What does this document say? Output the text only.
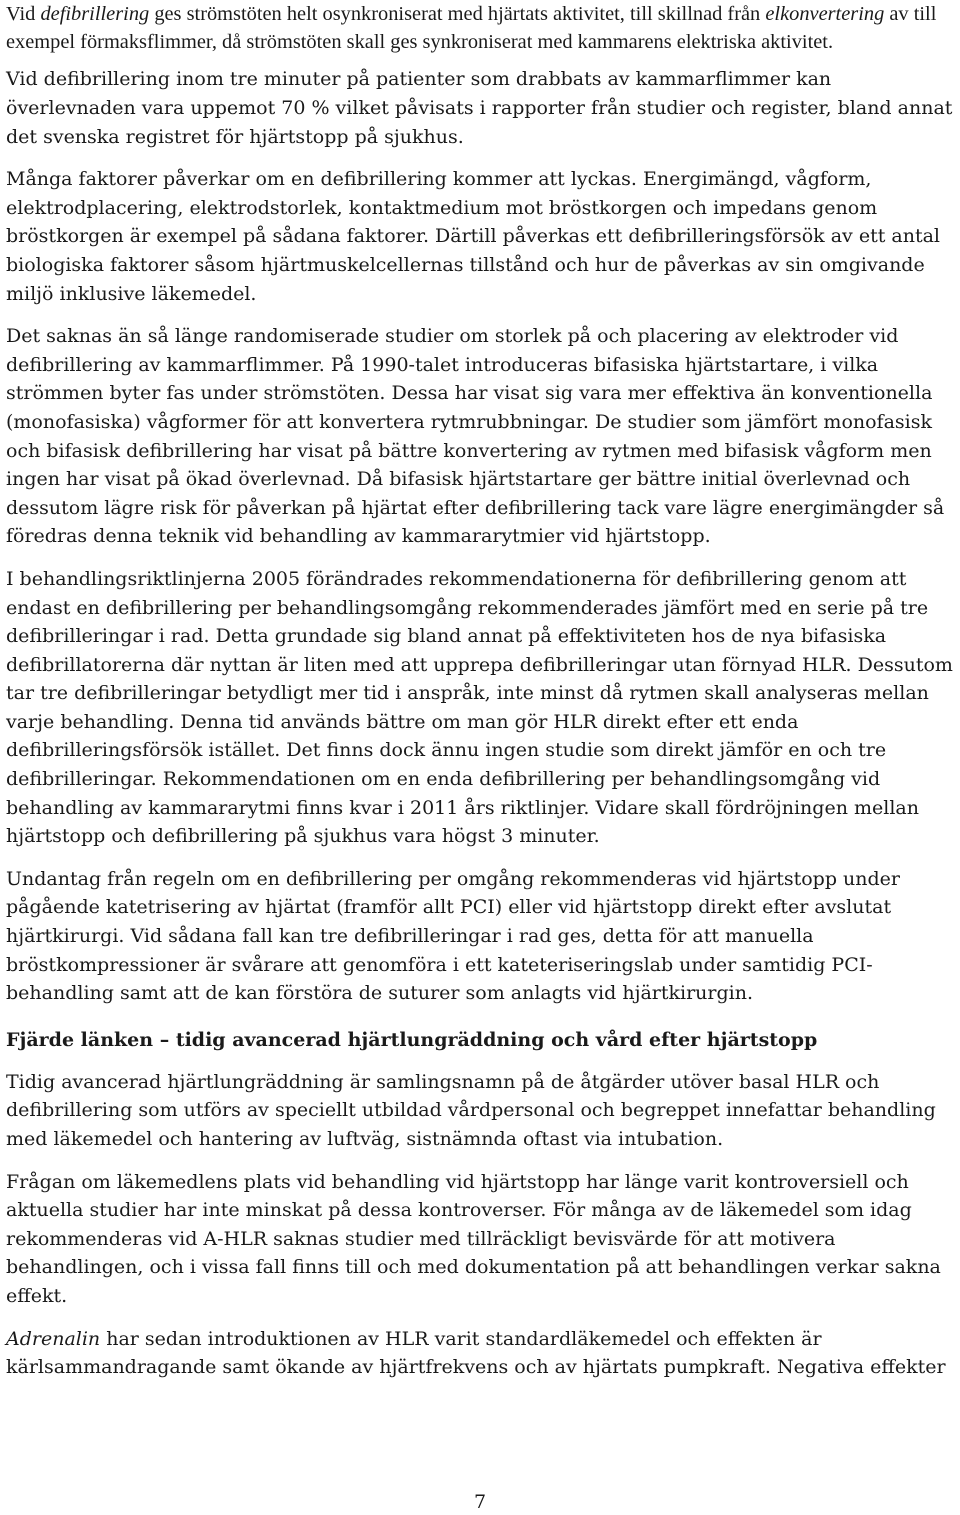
Vid defibrillering ges strömstöten helt osynkroniserat med hjärtats aktivitet, till skillnad från elkonvertering av till exempel förmaksflimmer, då strömstöten skall ges synkroniserat med kammarens elektriska aktivitet.

Vid defibrillering inom tre minuter på patienter som drabbats av kammarflimmer kan överlevnaden vara uppemot 70 % vilket påvisats i rapporter från studier och register, bland annat det svenska registret för hjärtstopp på sjukhus.

Många faktorer påverkar om en defibrillering kommer att lyckas. Energimängd, vågform, elektrodplacering, elektrodstorlek, kontaktmedium mot bröstkorgen och impedans genom bröstkorgen är exempel på sådana faktorer. Därtill påverkas ett defibrilleringsförsök av ett antal biologiska faktorer såsom hjärtmuskelcellernas tillstånd och hur de påverkas av sin omgivande miljö inklusive läkemedel.

Det saknas än så länge randomiserade studier om storlek på och placering av elektroder vid defibrillering av kammarflimmer. På 1990-talet introduceras bifasiska hjärtstartare, i vilka strömmen byter fas under strömstöten. Dessa har visat sig vara mer effektiva än konventionella (monofasiska) vågformer för att konvertera rytmrubbningar. De studier som jämfört monofasisk och bifasisk defibrillering har visat på bättre konvertering av rytmen med bifasisk vågform men ingen har visat på ökad överlevnad. Då bifasisk hjärtstartare ger bättre initial överlevnad och dessutom lägre risk för påverkan på hjärtat efter defibrillering tack vare lägre energimängder så föredras denna teknik vid behandling av kammararytmier vid hjärtstopp.

I behandlingsriktlinjerna 2005 förändrades rekommendationerna för defibrillering genom att endast en defibrillering per behandlingsomgång rekommenderades jämfört med en serie på tre defibrilleringar i rad. Detta grundade sig bland annat på effektiviteten hos de nya bifasiska defibrillatorerna där nyttan är liten med att upprepa defibrilleringar utan förnyad HLR. Dessutom tar tre defibrilleringar betydligt mer tid i anspråk, inte minst då rytmen skall analyseras mellan varje behandling. Denna tid används bättre om man gör HLR direkt efter ett enda defibrilleringsförsök istället. Det finns dock ännu ingen studie som direkt jämför en och tre defibrilleringar. Rekommendationen om en enda defibrillering per behandlingsomgång vid behandling av kammararytmi finns kvar i 2011 års riktlinjer. Vidare skall fördröjningen mellan hjärtstopp och defibrillering på sjukhus vara högst 3 minuter.

Undantag från regeln om en defibrillering per omgång rekommenderas vid hjärtstopp under pågående katetrisering av hjärtat (framför allt PCI) eller vid hjärtstopp direkt efter avslutat hjärtkirurgi. Vid sådana fall kan tre defibrilleringar i rad ges, detta för att manuella bröstkompressioner är svårare att genomföra i ett kateteriseringslab under samtidig PCI-behandling samt att de kan förstöra de suturer som anlagts vid hjärtkirurgin.

Fjärde länken – tidig avancerad hjärtlungräddning och vård efter hjärtstopp

Tidig avancerad hjärtlungräddning är samlingsnamn på de åtgärder utöver basal HLR och defibrillering som utförs av speciellt utbildad vårdpersonal och begreppet innefattar behandling med läkemedel och hantering av luftväg, sistnämnda oftast via intubation.

Frågan om läkemedlens plats vid behandling vid hjärtstopp har länge varit kontroversiell och aktuella studier har inte minskat på dessa kontroverser. För många av de läkemedel som idag rekommenderas vid A-HLR saknas studier med tillräckligt bevisvärde för att motivera behandlingen, och i vissa fall finns till och med dokumentation på att behandlingen verkar sakna effekt.

Adrenalin har sedan introduktionen av HLR varit standardläkemedel och effekten är kärlsammandragande samt ökande av hjärtfrekvens och av hjärtats pumpkraft. Negativa effekter

7
